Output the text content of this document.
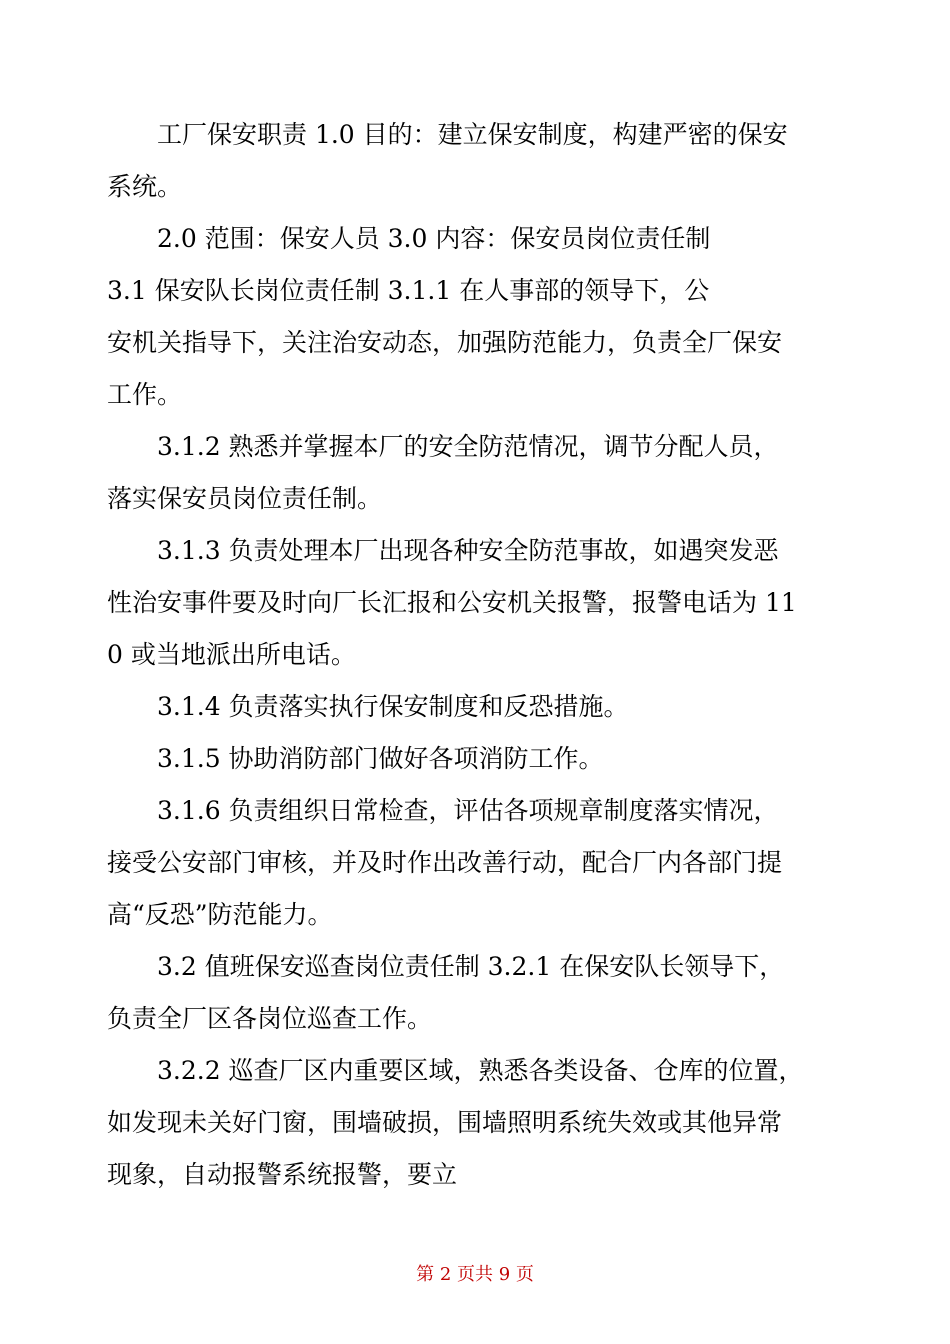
工厂保安职责 1.0 目的：建立保安制度，构建严密的保安
系统。
2.0 范围：保安人员 3.0 内容：保安员岗位责任制
3.1 保安队长岗位责任制 3.1.1 在人事部的领导下，公
安机关指导下，关注治安动态，加强防范能力，负责全厂保安
工作。
3.1.2 熟悉并掌握本厂的安全防范情况，调节分配人员，
落实保安员岗位责任制。
3.1.3 负责处理本厂出现各种安全防范事故，如遇突发恶
性治安事件要及时向厂长汇报和公安机关报警，报警电话为 11
0 或当地派出所电话。
3.1.4 负责落实执行保安制度和反恐措施。
3.1.5 协助消防部门做好各项消防工作。
3.1.6 负责组织日常检查，评估各项规章制度落实情况，
接受公安部门审核，并及时作出改善行动，配合厂内各部门提
高“反恐”防范能力。
3.2 值班保安巡查岗位责任制 3.2.1 在保安队长领导下，
负责全厂区各岗位巡查工作。
3.2.2 巡查厂区内重要区域，熟悉各类设备、仓库的位置，
如发现未关好门窗，围墙破损，围墙照明系统失效或其他异常
现象，自动报警系统报警，要立
第 2 页共 9 页
